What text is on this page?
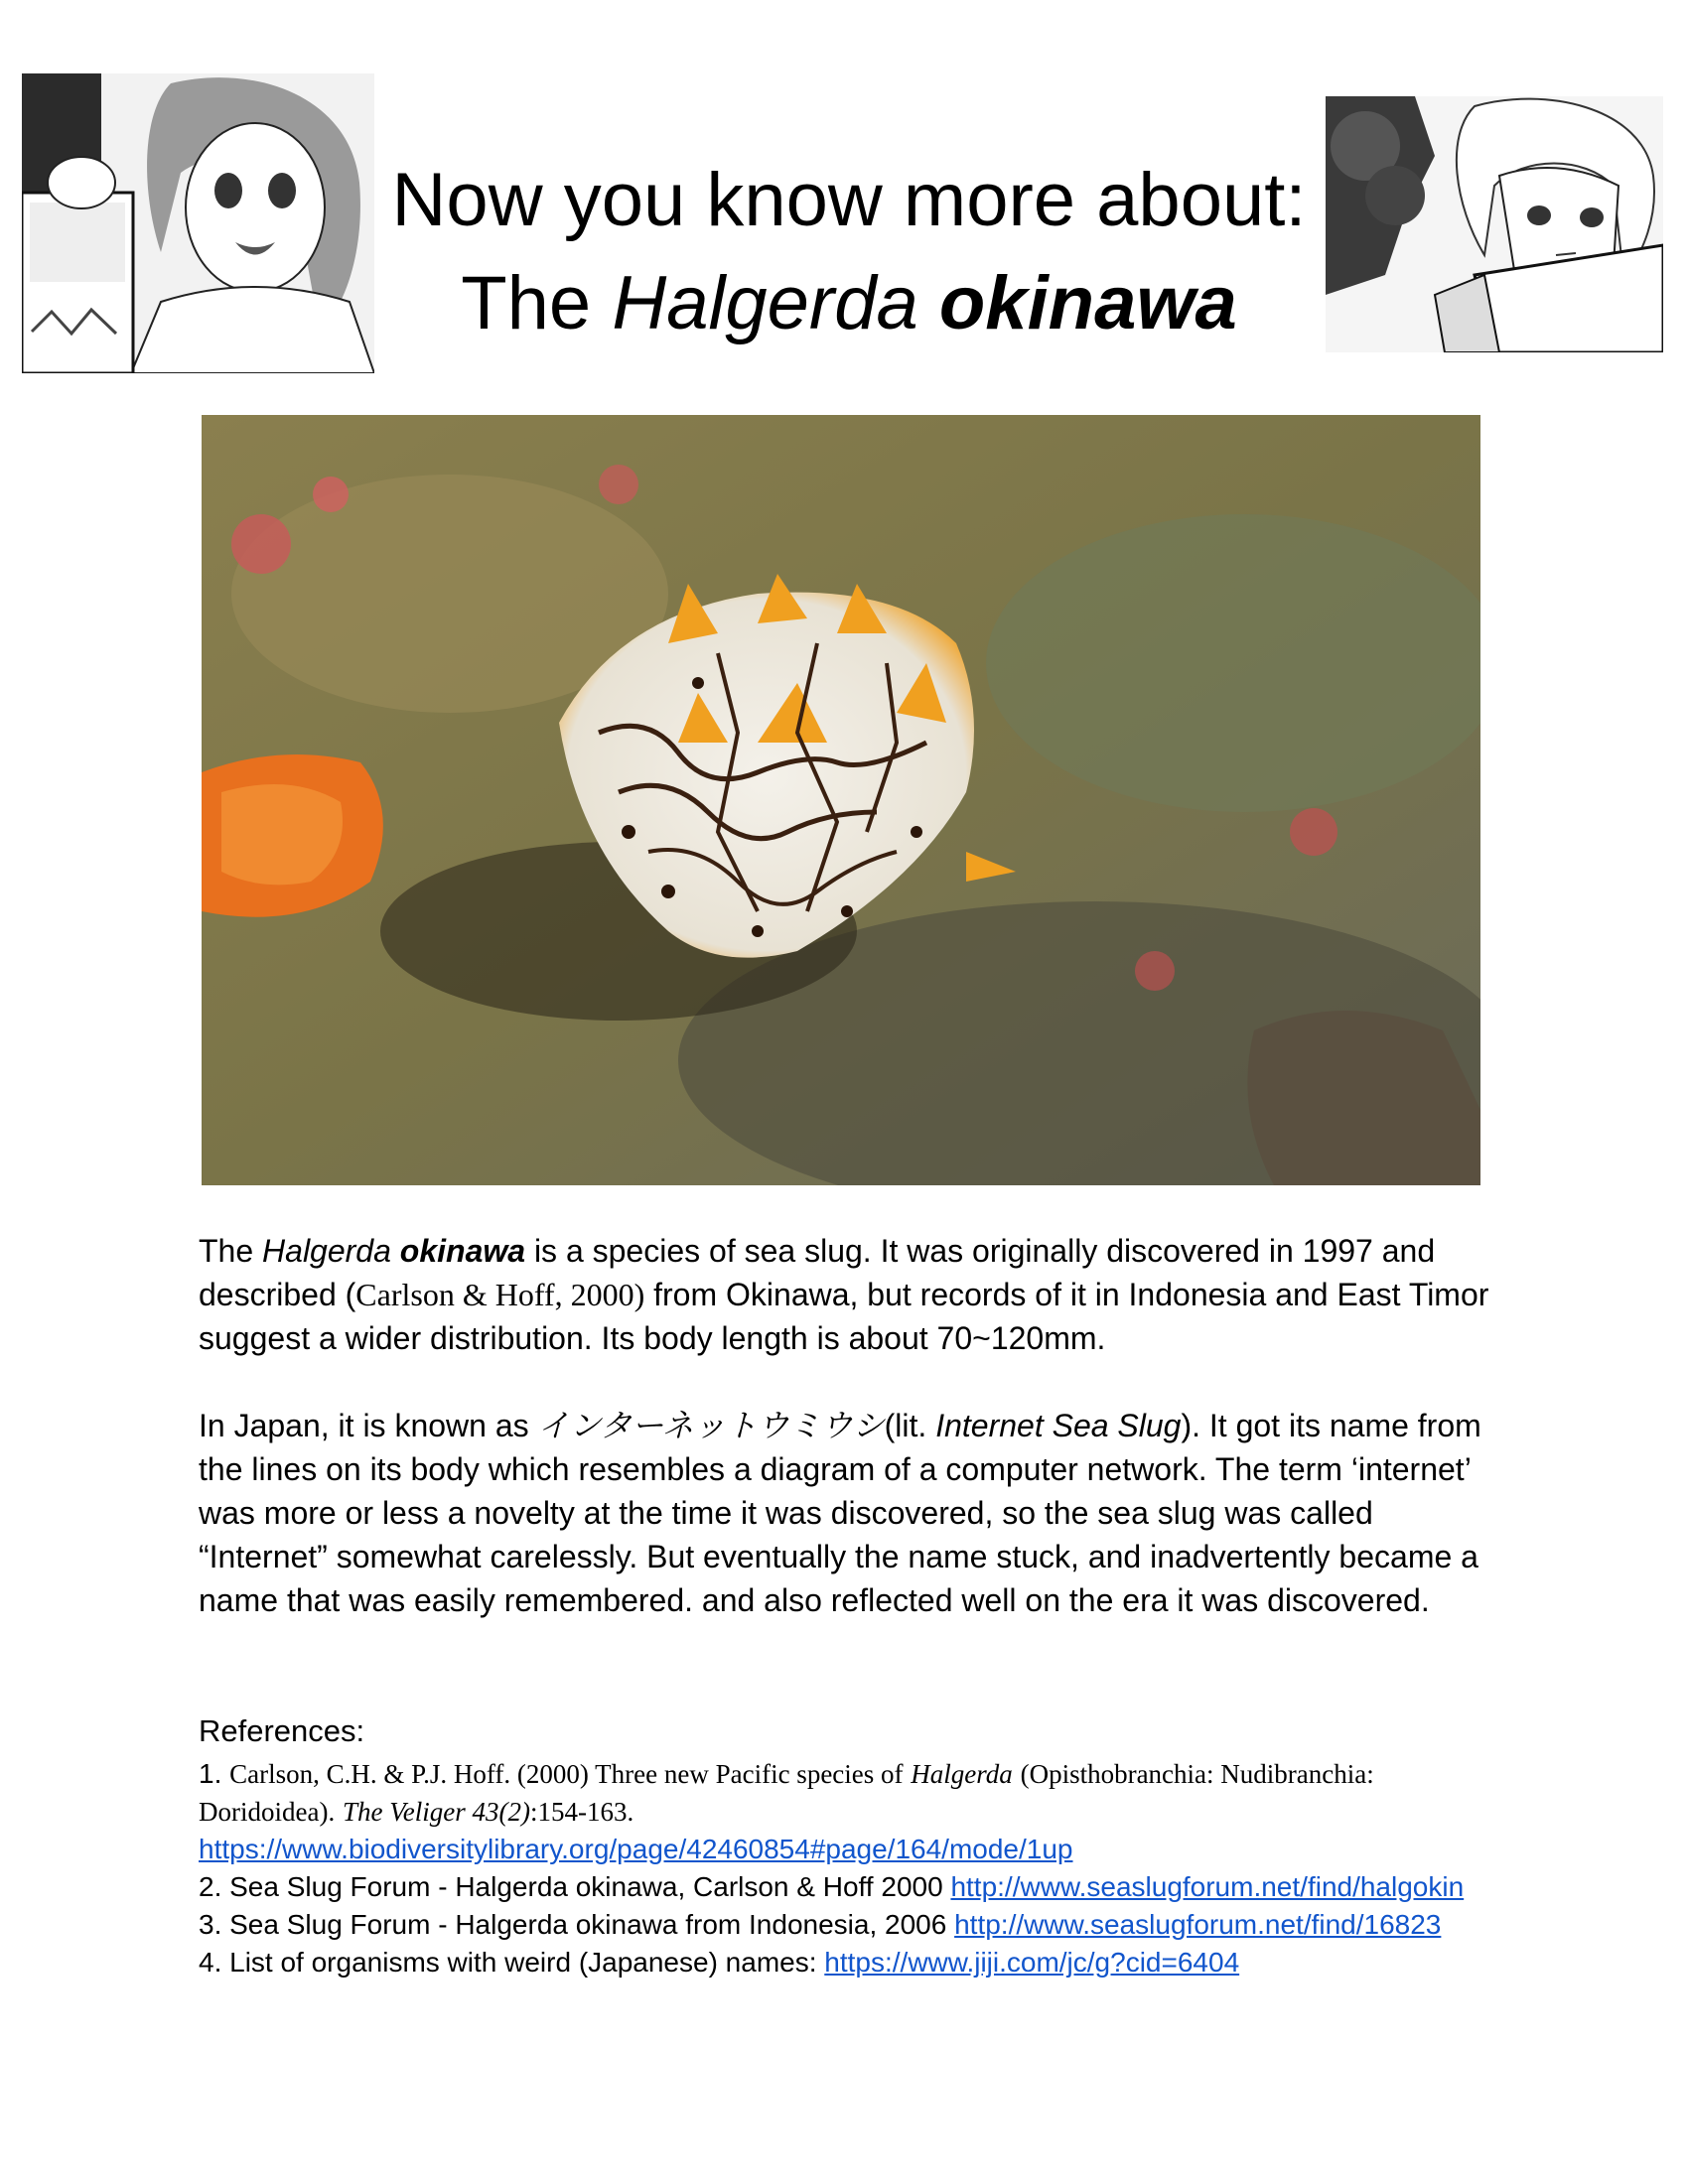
Now you know more about:
The Halgerda okinawa

The Halgerda okinawa is a species of sea slug. It was originally discovered in 1997 and described (Carlson & Hoff, 2000) from Okinawa, but records of it in Indonesia and East Timor suggest a wider distribution. Its body length is about 70~120mm.

In Japan, it is known as インターネットウミウシ(lit. Internet Sea Slug). It got its name from the lines on its body which resembles a diagram of a computer network. The term ‘internet’ was more or less a novelty at the time it was discovered, so the sea slug was called “Internet” somewhat carelessly. But eventually the name stuck, and inadvertently became a name that was easily remembered. and also reflected well on the era it was discovered.

References:
1. Carlson, C.H. & P.J. Hoff. (2000) Three new Pacific species of Halgerda (Opisthobranchia: Nudibranchia:
Doridoidea). The Veliger 43(2):154-163.
https://www.biodiversitylibrary.org/page/42460854#page/164/mode/1up
2. Sea Slug Forum - Halgerda okinawa, Carlson & Hoff 2000 http://www.seaslugforum.net/find/halgokin
3. Sea Slug Forum - Halgerda okinawa from Indonesia, 2006 http://www.seaslugforum.net/find/16823
4. List of organisms with weird (Japanese) names: https://www.jiji.com/jc/g?cid=6404
